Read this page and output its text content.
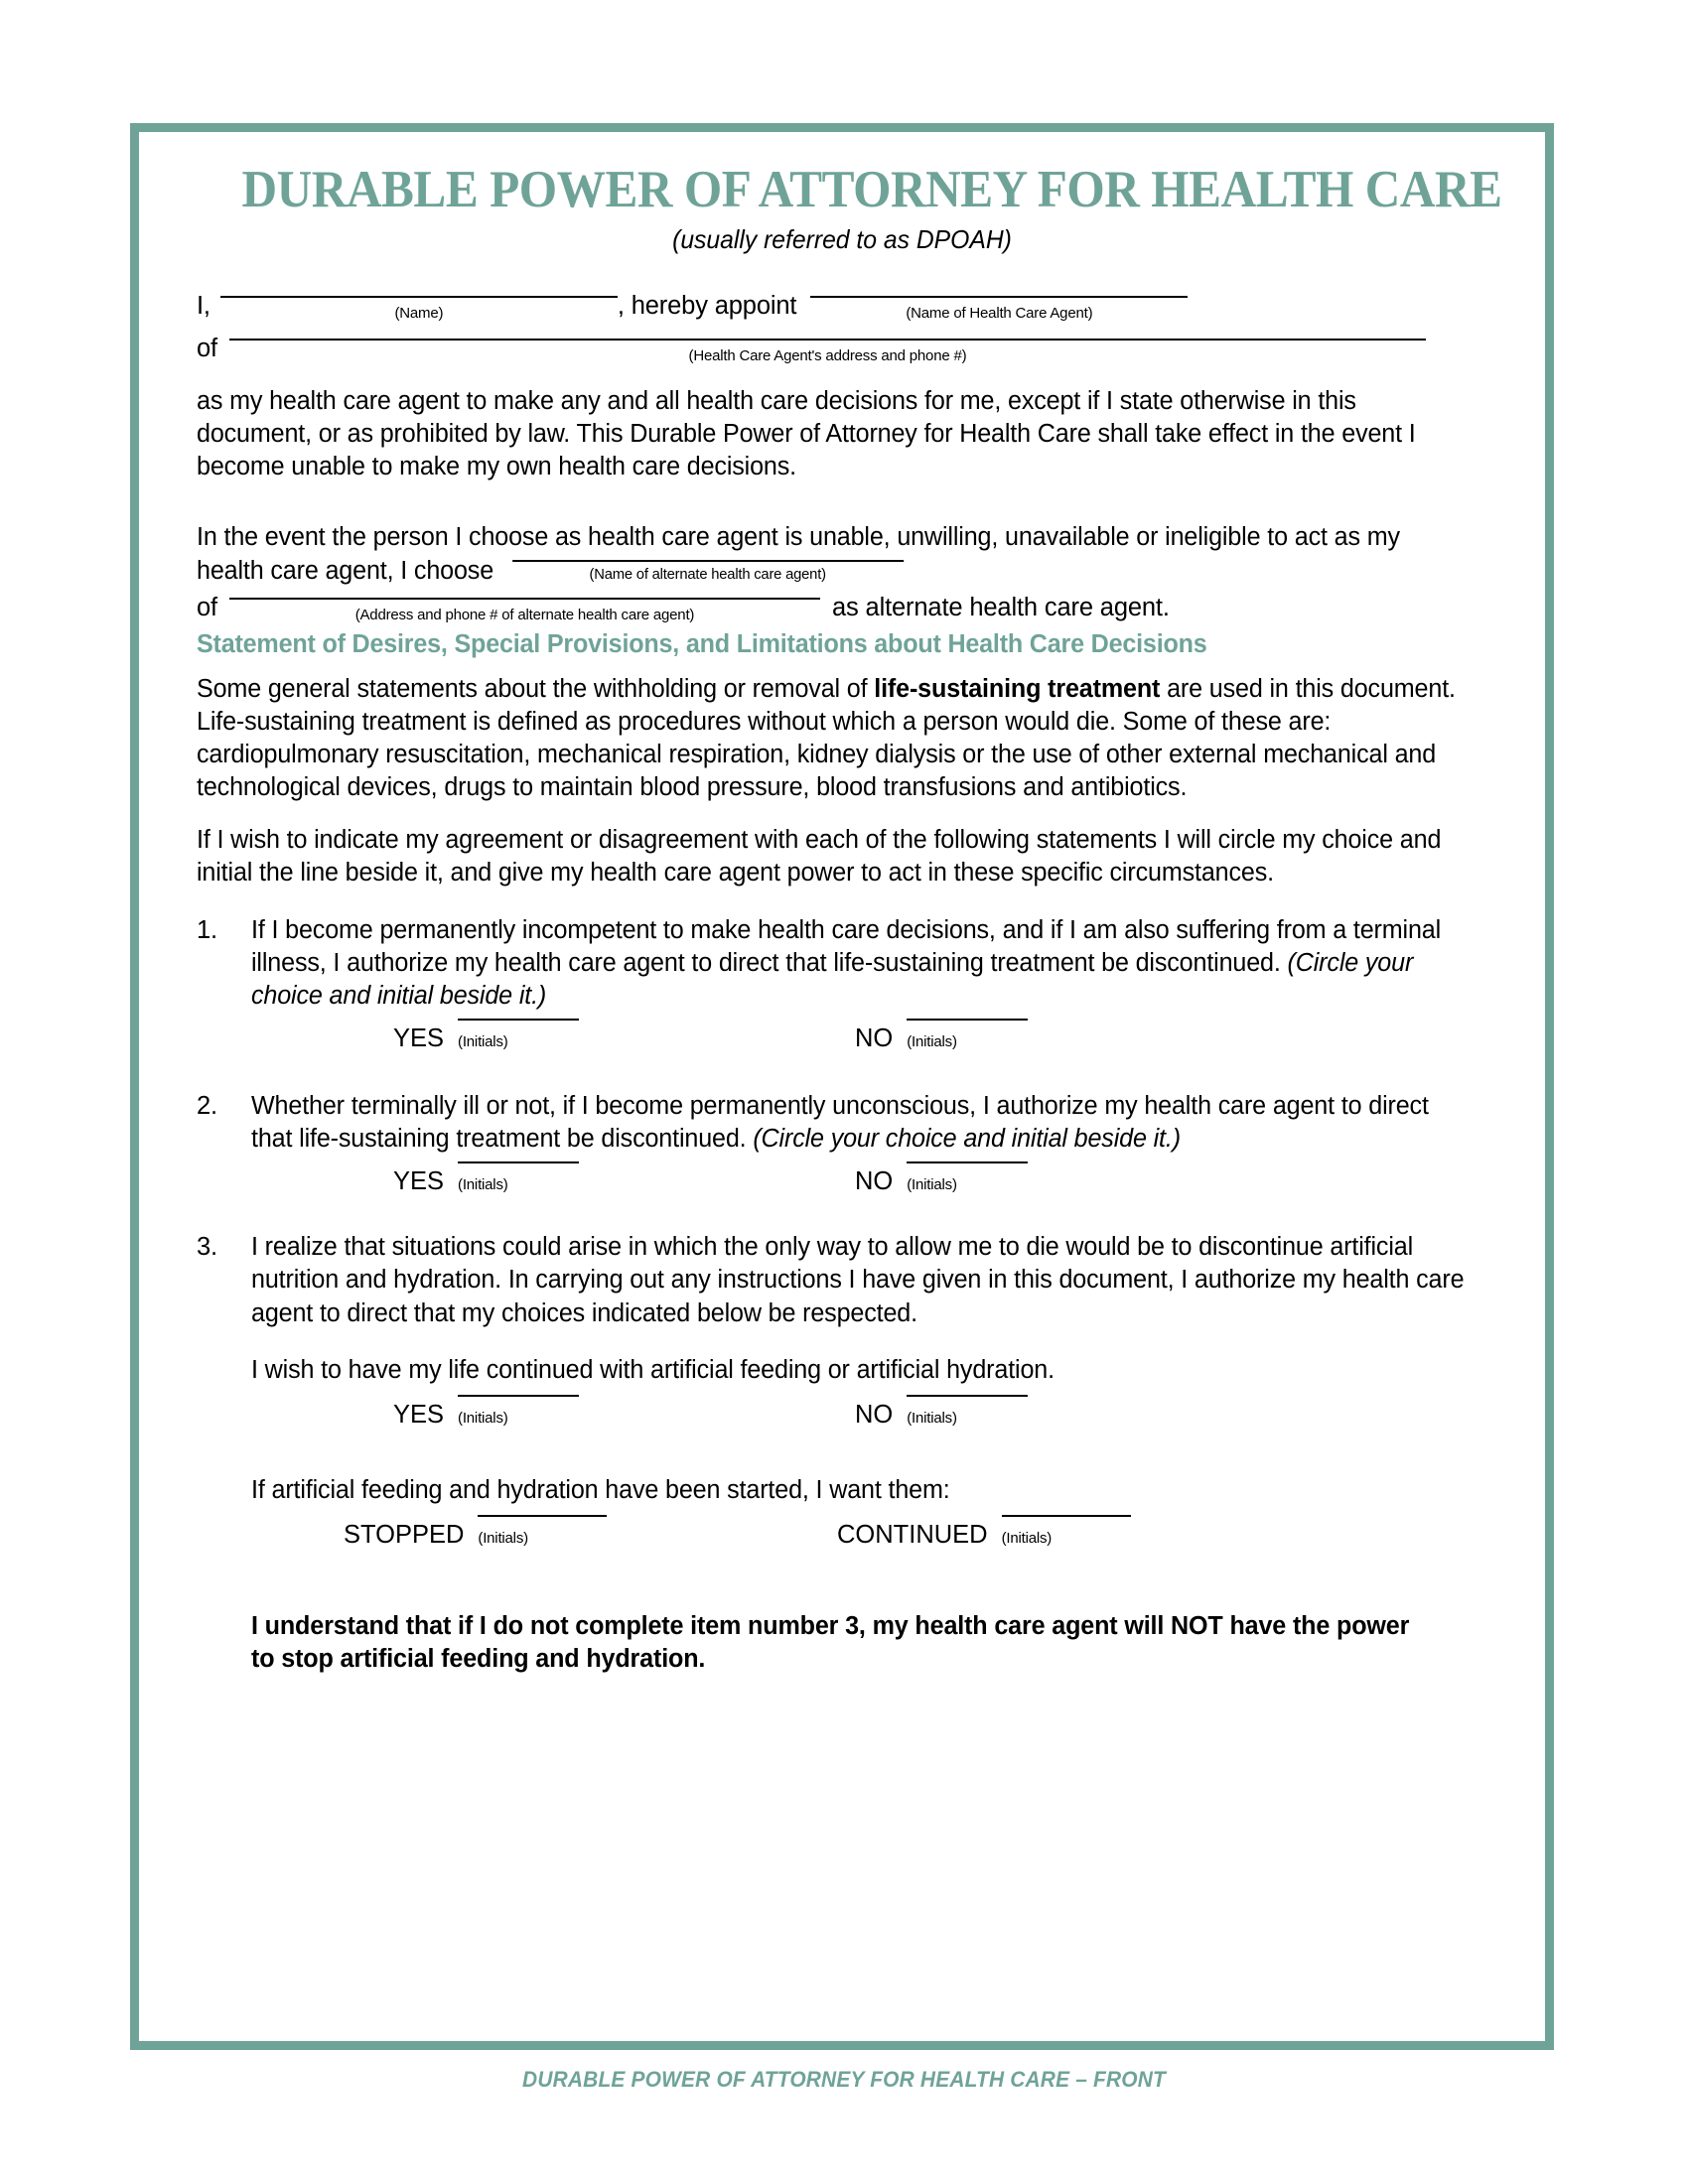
DURABLE POWER OF ATTORNEY FOR HEALTH CARE
(usually referred to as DPOAH)
I,	(Name)	, hereby appoint	(Name of Health Care Agent)
of	(Health Care Agent's address and phone #)
as my health care agent to make any and all health care decisions for me, except if I state otherwise in this document, or as prohibited by law. This Durable Power of Attorney for Health Care shall take effect in the event I become unable to make my own health care decisions.
In the event the person I choose as health care agent is unable, unwilling, unavailable or ineligible to act as my health care agent, I choose	(Name of alternate health care agent)
of	(Address and phone # of alternate health care agent)	as alternate health care agent.
Statement of Desires, Special Provisions, and Limitations about Health Care Decisions
Some general statements about the withholding or removal of life-sustaining treatment are used in this document. Life-sustaining treatment is defined as procedures without which a person would die. Some of these are: cardiopulmonary resuscitation, mechanical respiration, kidney dialysis or the use of other external mechanical and technological devices, drugs to maintain blood pressure, blood transfusions and antibiotics.
If I wish to indicate my agreement or disagreement with each of the following statements I will circle my choice and initial the line beside it, and give my health care agent power to act in these specific circumstances.
1.	If I become permanently incompetent to make health care decisions, and if I am also suffering from a terminal illness, I authorize my health care agent to direct that life-sustaining treatment be discontinued. (Circle your choice and initial beside it.)
YES (Initials)	NO (Initials)
2.	Whether terminally ill or not, if I become permanently unconscious, I authorize my health care agent to direct that life-sustaining treatment be discontinued. (Circle your choice and initial beside it.)
YES (Initials)	NO (Initials)
3.	I realize that situations could arise in which the only way to allow me to die would be to discontinue artificial nutrition and hydration. In carrying out any instructions I have given in this document, I authorize my health care agent to direct that my choices indicated below be respected.
I wish to have my life continued with artificial feeding or artificial hydration.
YES (Initials)	NO (Initials)
If artificial feeding and hydration have been started, I want them:
STOPPED (Initials)	CONTINUED (Initials)
I understand that if I do not complete item number 3, my health care agent will NOT have the power to stop artificial feeding and hydration.
DURABLE POWER OF ATTORNEY FOR HEALTH CARE – FRONT
